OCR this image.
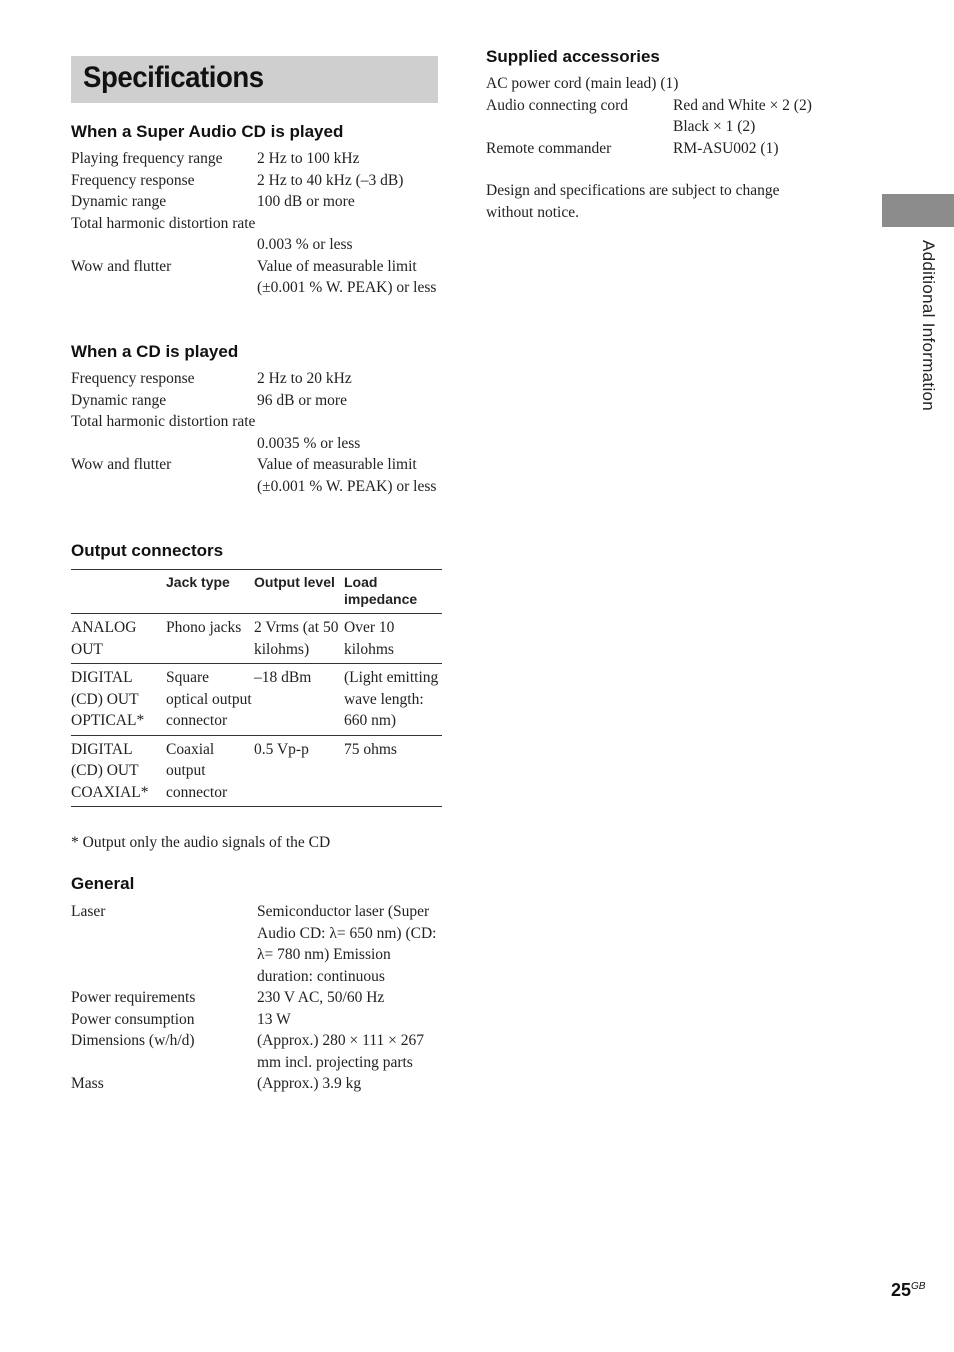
Specifications
When a Super Audio CD is played
Playing frequency range 2 Hz to 100 kHz
Frequency response	2 Hz to 40 kHz (–3 dB)
Dynamic range	100 dB or more
Total harmonic distortion rate
0.003 % or less
Wow and flutter	Value of measurable limit (±0.001 % W. PEAK) or less
When a CD is played
Frequency response	2 Hz to 20 kHz
Dynamic range	96 dB or more
Total harmonic distortion rate
0.0035 % or less
Wow and flutter	Value of measurable limit (±0.001 % W. PEAK) or less
Output connectors
	Jack type	Output level	Load impedance
ANALOG OUT	Phono jacks	2 Vrms (at 50 kilohms)	Over 10 kilohms
DIGITAL (CD) OUT OPTICAL*	Square optical output connector	–18 dBm	(Light emitting wave length: 660 nm)
DIGITAL (CD) OUT COAXIAL*	Coaxial output connector	0.5 Vp-p	75 ohms
* Output only the audio signals of the CD
General
Laser	Semiconductor laser (Super Audio CD: λ= 650 nm) (CD: λ= 780 nm) Emission duration: continuous
Power requirements	230 V AC, 50/60 Hz
Power consumption	13 W
Dimensions (w/h/d)	(Approx.) 280 × 111 × 267 mm incl. projecting parts
Mass	(Approx.) 3.9 kg
Supplied accessories
AC power cord (main lead) (1)
Audio connecting cord	Red and White × 2 (2)
Black × 1 (2)
Remote commander	RM-ASU002 (1)
Design and specifications are subject to change without notice.
Additional Information
$25^{GB}$
